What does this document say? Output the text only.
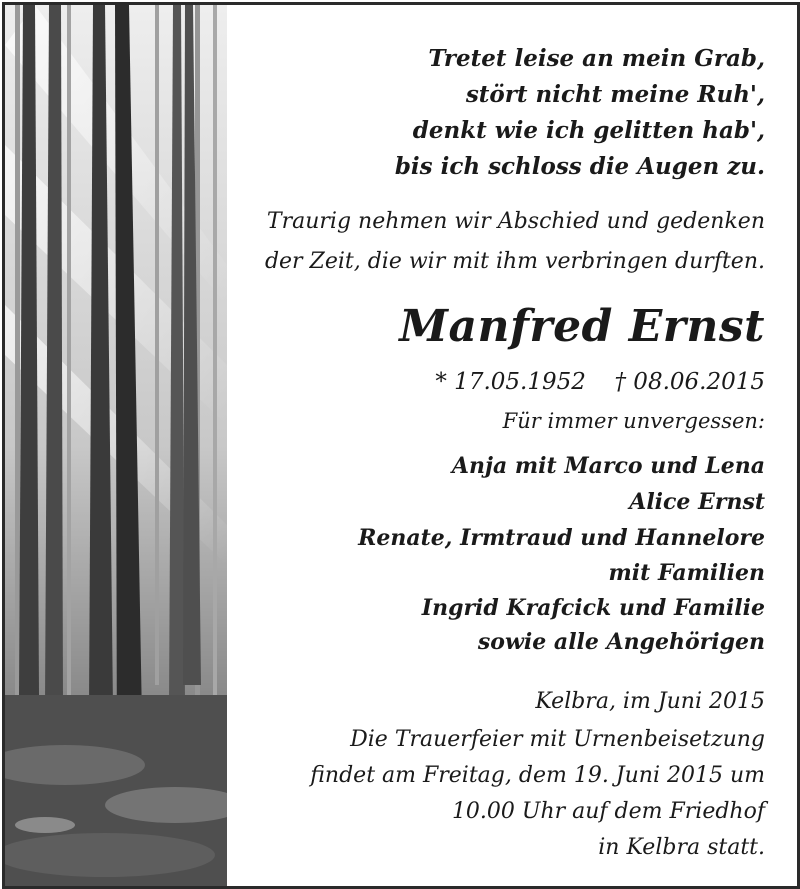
Tretet leise an mein Grab,
stört nicht meine Ruh',
denkt wie ich gelitten hab',
bis ich schloss die Augen zu.
Traurig nehmen wir Abschied und gedenken
der Zeit, die wir mit ihm verbringen durften.
Manfred Ernst
* 17.05.1952 † 08.06.2015
Für immer unvergessen:
Anja mit Marco und Lena
Alice Ernst
Renate, Irmtraud und Hannelore
mit Familien
Ingrid Krafcick und Familie
sowie alle Angehörigen
Kelbra, im Juni 2015
Die Trauerfeier mit Urnenbeisetzung
findet am Freitag, dem 19. Juni 2015 um
10.00 Uhr auf dem Friedhof
in Kelbra statt.
